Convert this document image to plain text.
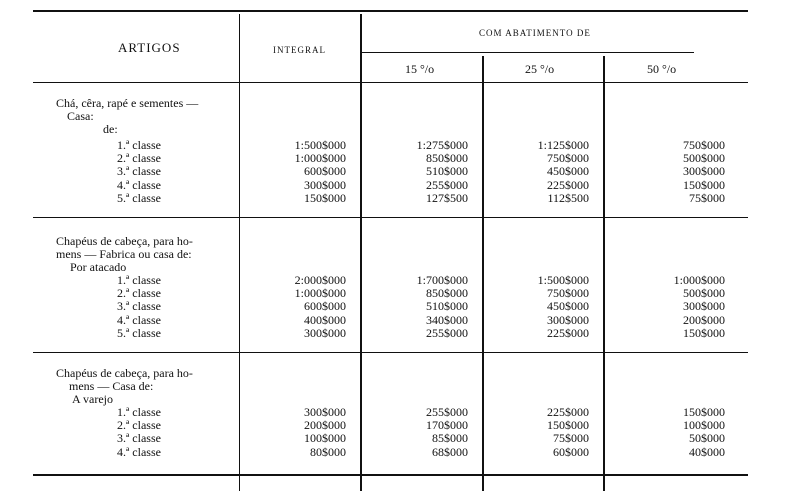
ARTIGOS	INTEGRAL
COM ABATIMENTO DE
15 °/o	25 °/o	50 °/o
Chá, cêra, rapé e sementes —
Casa:
de:
1.ª classe	1:500$000	1:275$000	1:125$000	750$000
2.ª classe	1:000$000	850$000	750$000	500$000
3.ª classe	600$000	510$000	450$000	300$000
4.ª classe	300$000	255$000	225$000	150$000
5.ª classe	150$000	127$500	112$500	75$000
Chapéus de cabeça, para ho-
mens — Fabrica ou casa de:
Por atacado
1.ª classe	2:000$000	1:700$000	1:500$000	1:000$000
2.ª classe	1:000$000	850$000	750$000	500$000
3.ª classe	600$000	510$000	450$000	300$000
4.ª classe	400$000	340$000	300$000	200$000
5.ª classe	300$000	255$000	225$000	150$000
Chapéus de cabeça, para ho-
mens — Casa de:
A varejo
1.ª classe	300$000	255$000	225$000	150$000
2.ª classe	200$000	170$000	150$000	100$000
3.ª classe	100$000	85$000	75$000	50$000
4.ª classe	80$000	68$000	60$000	40$000
